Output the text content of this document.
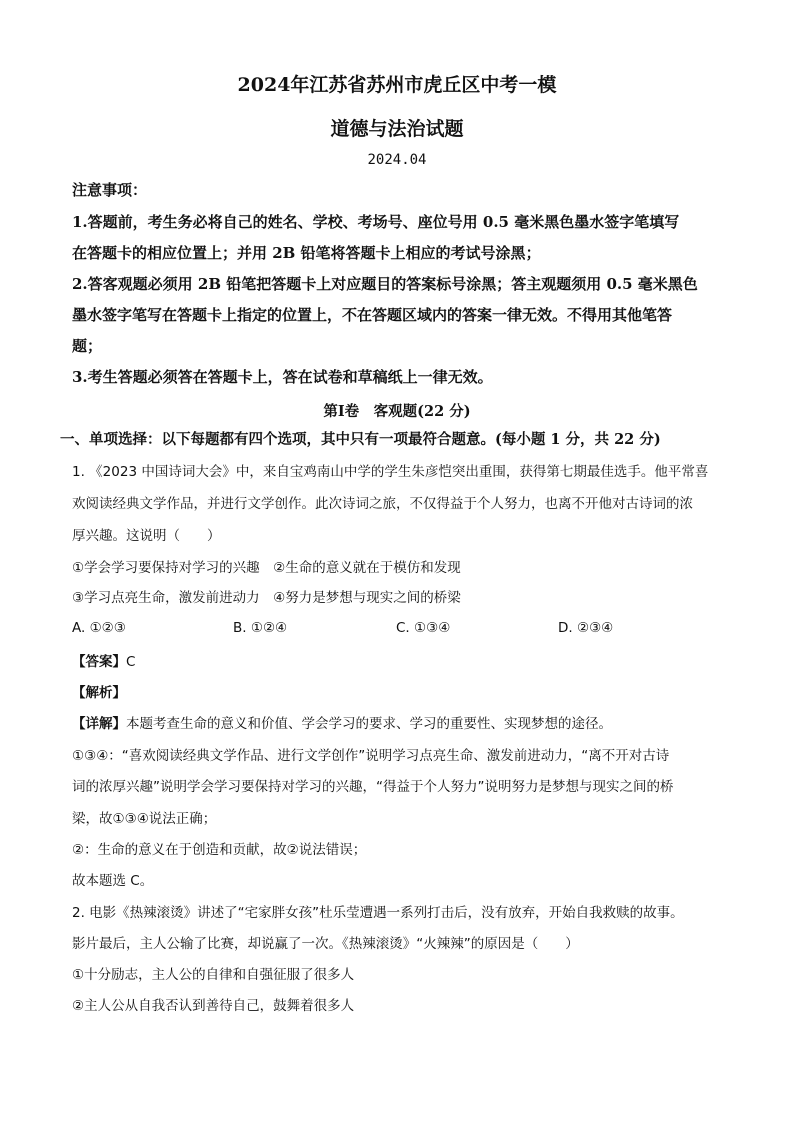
2024年江苏省苏州市虎丘区中考一模
道德与法治试题
2024.04
注意事项：
1.答题前，考生务必将自己的姓名、学校、考场号、座位号用 0.5 毫米黑色墨水签字笔填写
在答题卡的相应位置上；并用 2B 铅笔将答题卡上相应的考试号涂黑；
2.答客观题必须用 2B 铅笔把答题卡上对应题目的答案标号涂黑；答主观题须用 0.5 毫米黑色
墨水签字笔写在答题卡上指定的位置上，不在答题区域内的答案一律无效。不得用其他笔答
题；
3.考生答题必须答在答题卡上，答在试卷和草稿纸上一律无效。
第Ⅰ卷　客观题(22 分)
一、单项选择：以下每题都有四个选项，其中只有一项最符合题意。(每小题 1 分，共 22 分)
1. 《2023 中国诗词大会》中，来自宝鸡南山中学的学生朱彦恺突出重围，获得第七期最佳选手。他平常喜
欢阅读经典文学作品，并进行文学创作。此次诗词之旅，不仅得益于个人努力，也离不开他对古诗词的浓
厚兴趣。这说明（　　）
①学会学习要保持对学习的兴趣　②生命的意义就在于模仿和发现
③学习点亮生命，激发前进动力　④努力是梦想与现实之间的桥梁
A. ①②③	B. ①②④	C. ①③④	D. ②③④
【答案】C
【解析】
【详解】本题考查生命的意义和价值、学会学习的要求、学习的重要性、实现梦想的途径。
①③④：“喜欢阅读经典文学作品、进行文学创作”说明学习点亮生命、激发前进动力，“离不开对古诗
词的浓厚兴趣”说明学会学习要保持对学习的兴趣，“得益于个人努力”说明努力是梦想与现实之间的桥
梁，故①③④说法正确；
②：生命的意义在于创造和贡献，故②说法错误；
故本题选 C。
2. 电影《热辣滚烫》讲述了“宅家胖女孩”杜乐莹遭遇一系列打击后，没有放弃，开始自我救赎的故事。
影片最后，主人公输了比赛，却说赢了一次。《热辣滚烫》“火辣辣”的原因是（　　）
①十分励志，主人公的自律和自强征服了很多人
②主人公从自我否认到善待自己，鼓舞着很多人
